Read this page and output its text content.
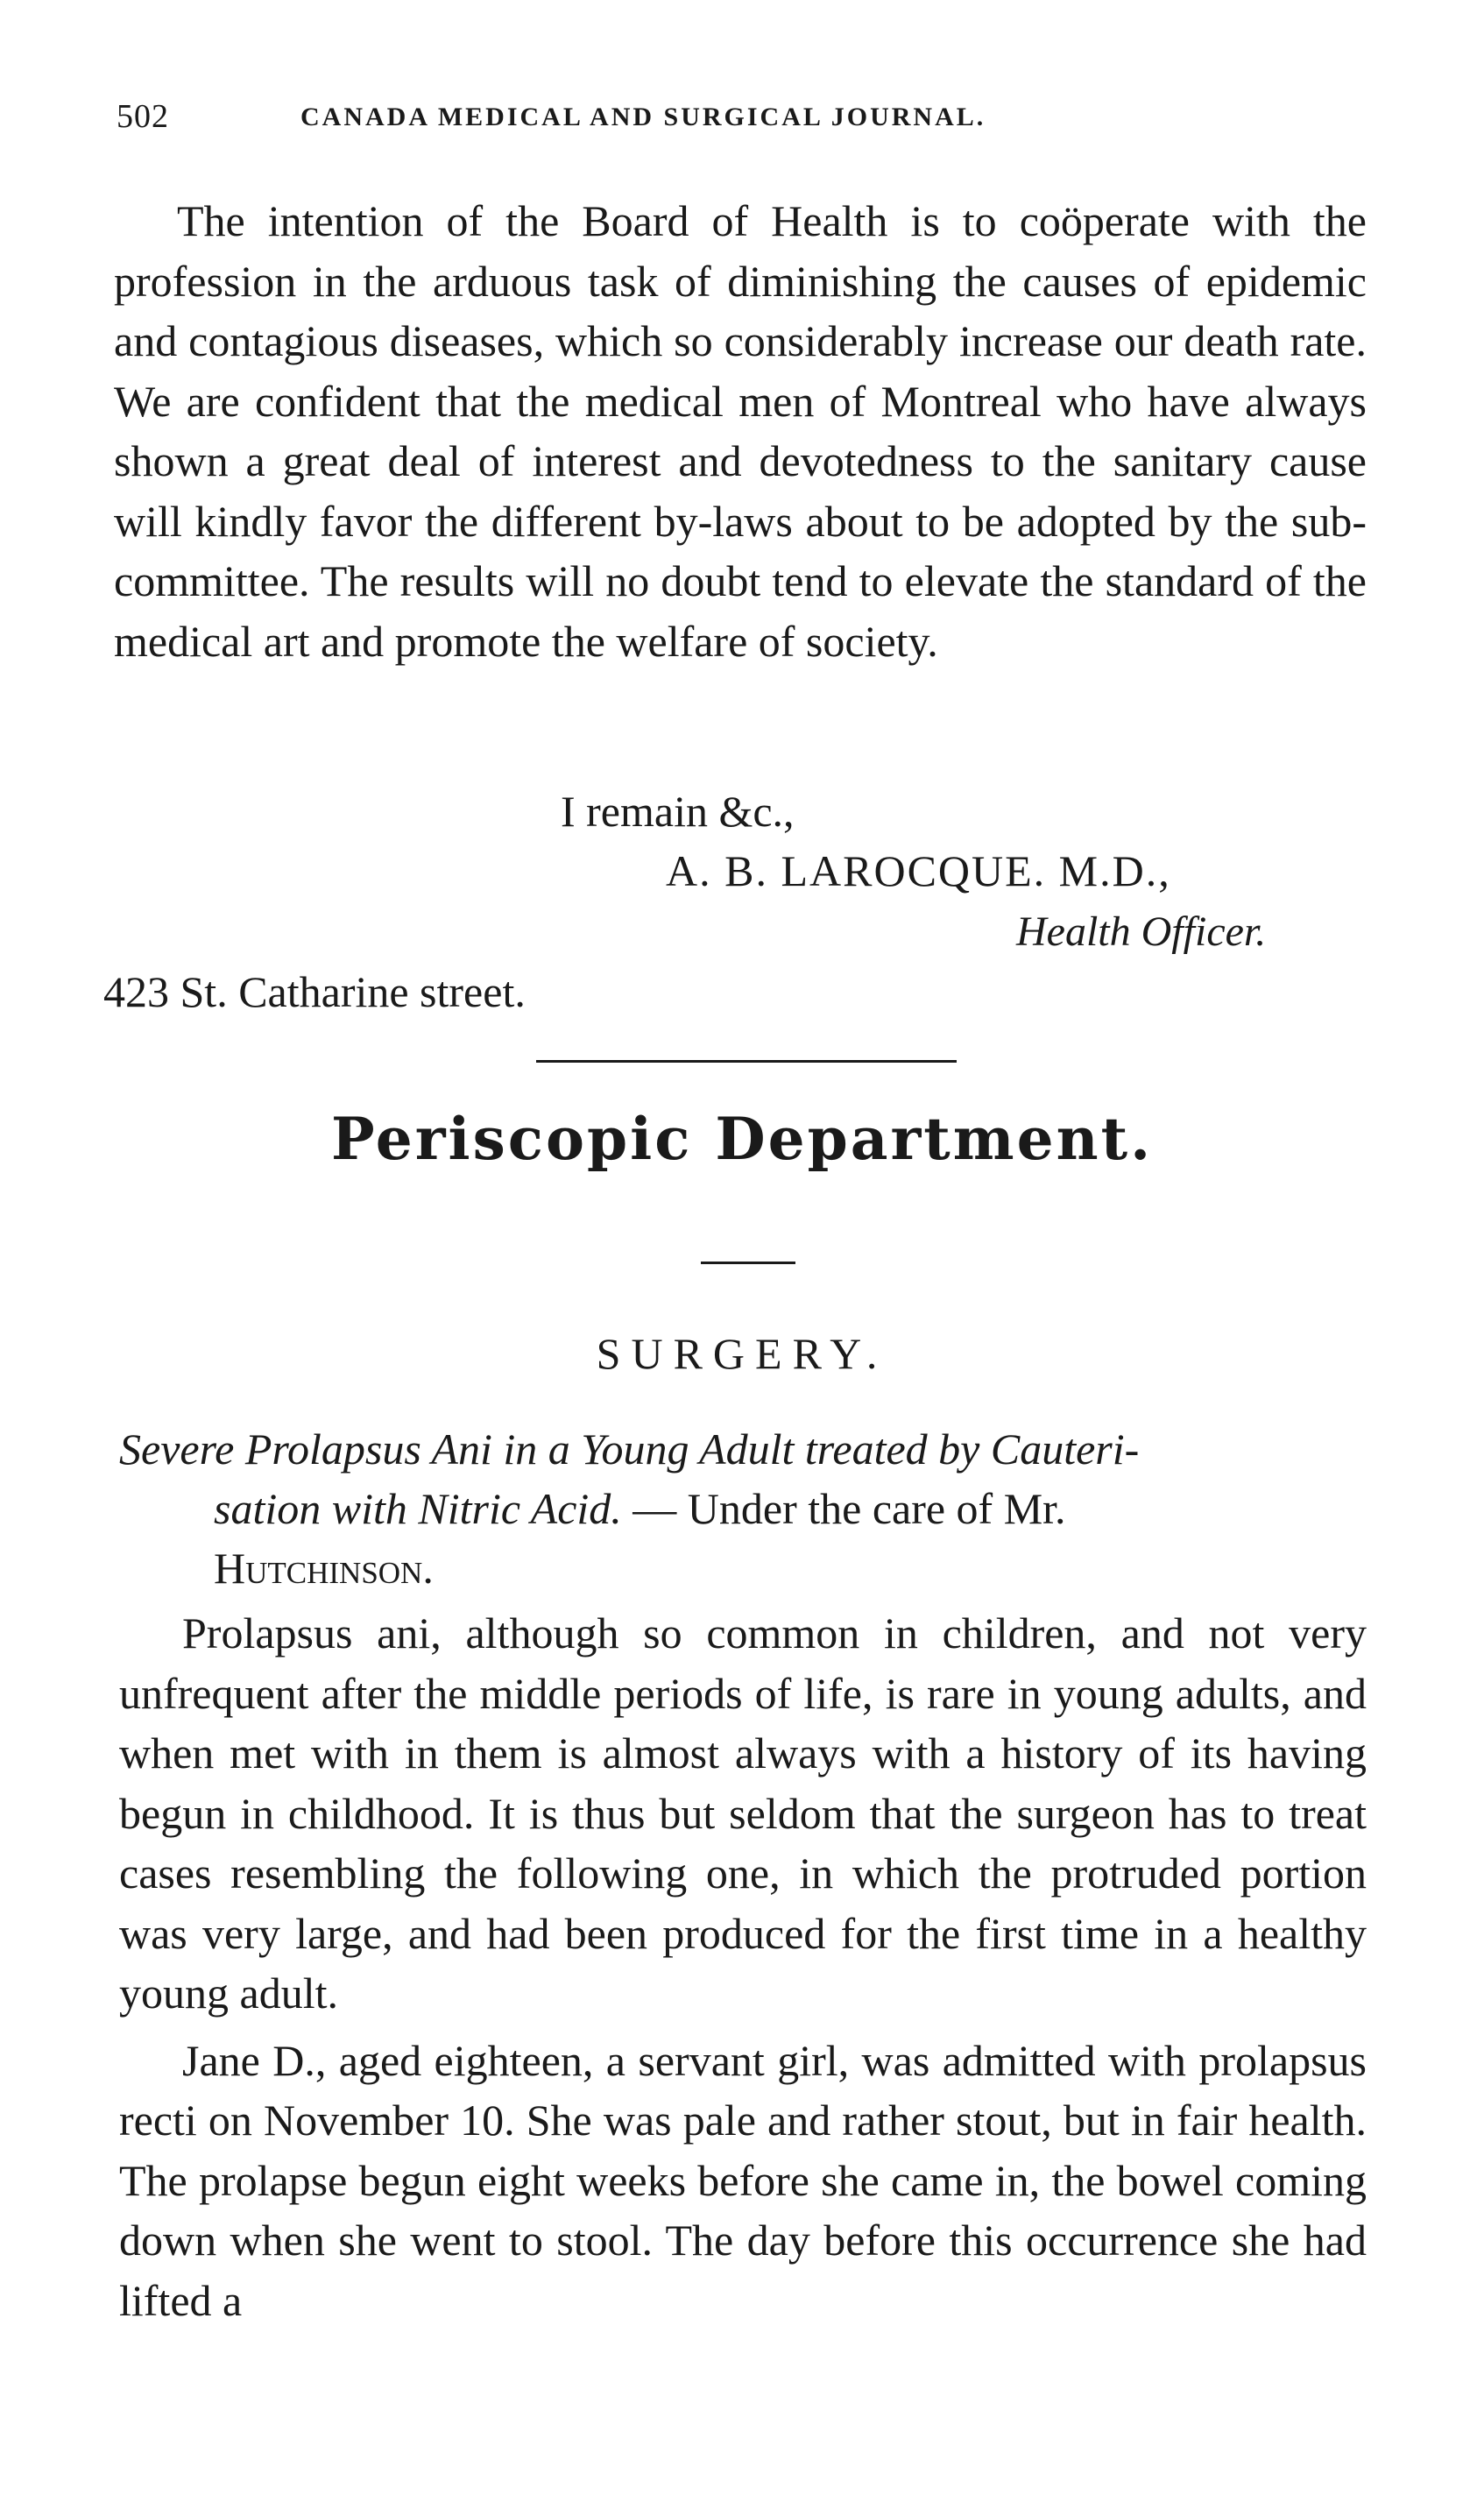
502	CANADA MEDICAL AND SURGICAL JOURNAL.

The intention of the Board of Health is to coöperate with the profession in the arduous task of diminishing the causes of epidemic and contagious diseases, which so considerably increase our death rate. We are confident that the medical men of Montreal who have always shown a great deal of interest and devotedness to the sanitary cause will kindly favor the different by-laws about to be adopted by the sub-committee. The results will no doubt tend to elevate the standard of the medical art and promote the welfare of society.

I remain &c.,
A. B. LAROCQUE. M.D.,
Health Officer.
423 St. Catharine street.
Periscopic Department.
SURGERY.
Severe Prolapsus Ani in a Young Adult treated by Cauteri-
sation with Nitric Acid. — Under the care of Mr.
Hutchinson.

Prolapsus ani, although so common in children, and not very unfrequent after the middle periods of life, is rare in young adults, and when met with in them is almost always with a history of its having begun in childhood. It is thus but seldom that the surgeon has to treat cases resembling the following one, in which the protruded portion was very large, and had been produced for the first time in a healthy young adult.

Jane D., aged eighteen, a servant girl, was admitted with prolapsus recti on November 10. She was pale and rather stout, but in fair health. The prolapse begun eight weeks before she came in, the bowel coming down when she went to stool. The day before this occurrence she had lifted a
